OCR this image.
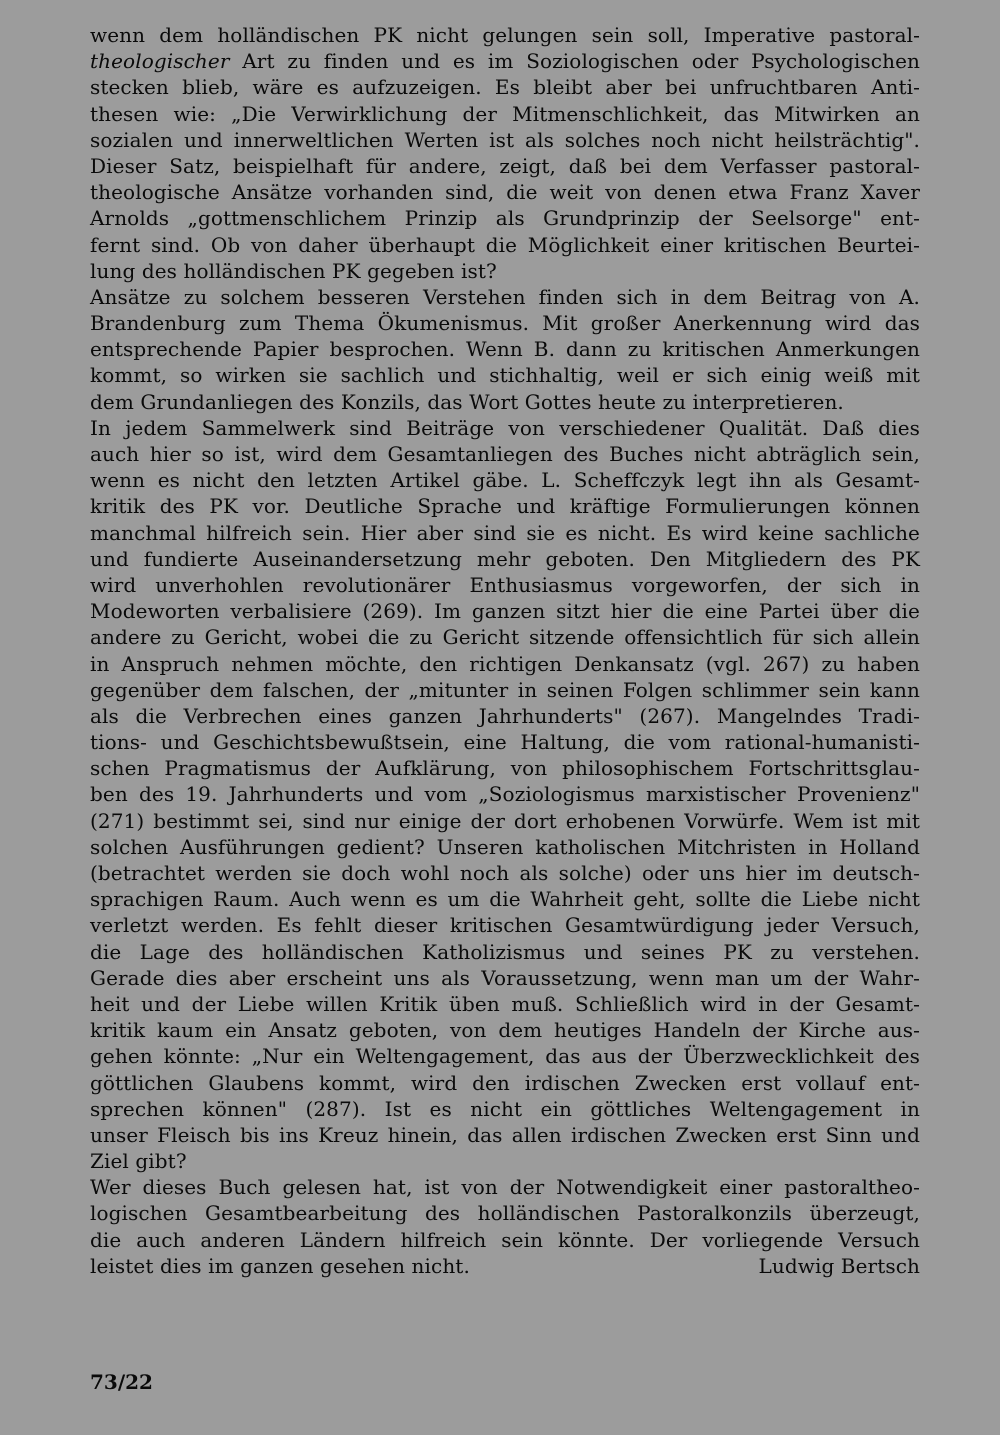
wenn dem holländischen PK nicht gelungen sein soll, Imperative pastoral-
theologischer Art zu finden und es im Soziologischen oder Psychologischen
stecken blieb, wäre es aufzuzeigen. Es bleibt aber bei unfruchtbaren Anti-
thesen wie: „Die Verwirklichung der Mitmenschlichkeit, das Mitwirken an
sozialen und innerweltlichen Werten ist als solches noch nicht heilsträchtig".
Dieser Satz, beispielhaft für andere, zeigt, daß bei dem Verfasser pastoral-
theologische Ansätze vorhanden sind, die weit von denen etwa Franz Xaver
Arnolds „gottmenschlichem Prinzip als Grundprinzip der Seelsorge" ent-
fernt sind. Ob von daher überhaupt die Möglichkeit einer kritischen Beurtei-
lung des holländischen PK gegeben ist?
Ansätze zu solchem besseren Verstehen finden sich in dem Beitrag von A.
Brandenburg zum Thema Ökumenismus. Mit großer Anerkennung wird das
entsprechende Papier besprochen. Wenn B. dann zu kritischen Anmerkungen
kommt, so wirken sie sachlich und stichhaltig, weil er sich einig weiß mit
dem Grundanliegen des Konzils, das Wort Gottes heute zu interpretieren.
In jedem Sammelwerk sind Beiträge von verschiedener Qualität. Daß dies
auch hier so ist, wird dem Gesamtanliegen des Buches nicht abträglich sein,
wenn es nicht den letzten Artikel gäbe. L. Scheffczyk legt ihn als Gesamt-
kritik des PK vor. Deutliche Sprache und kräftige Formulierungen können
manchmal hilfreich sein. Hier aber sind sie es nicht. Es wird keine sachliche
und fundierte Auseinandersetzung mehr geboten. Den Mitgliedern des PK
wird unverhohlen revolutionärer Enthusiasmus vorgeworfen, der sich in
Modeworten verbalisiere (269). Im ganzen sitzt hier die eine Partei über die
andere zu Gericht, wobei die zu Gericht sitzende offensichtlich für sich allein
in Anspruch nehmen möchte, den richtigen Denkansatz (vgl. 267) zu haben
gegenüber dem falschen, der „mitunter in seinen Folgen schlimmer sein kann
als die Verbrechen eines ganzen Jahrhunderts" (267). Mangelndes Tradi-
tions- und Geschichtsbewußtsein, eine Haltung, die vom rational-humanisti-
schen Pragmatismus der Aufklärung, von philosophischem Fortschrittsglau-
ben des 19. Jahrhunderts und vom „Soziologismus marxistischer Provenienz"
(271) bestimmt sei, sind nur einige der dort erhobenen Vorwürfe. Wem ist mit
solchen Ausführungen gedient? Unseren katholischen Mitchristen in Holland
(betrachtet werden sie doch wohl noch als solche) oder uns hier im deutsch-
sprachigen Raum. Auch wenn es um die Wahrheit geht, sollte die Liebe nicht
verletzt werden. Es fehlt dieser kritischen Gesamtwürdigung jeder Versuch,
die Lage des holländischen Katholizismus und seines PK zu verstehen.
Gerade dies aber erscheint uns als Voraussetzung, wenn man um der Wahr-
heit und der Liebe willen Kritik üben muß. Schließlich wird in der Gesamt-
kritik kaum ein Ansatz geboten, von dem heutiges Handeln der Kirche aus-
gehen könnte: „Nur ein Weltengagement, das aus der Überzwecklichkeit des
göttlichen Glaubens kommt, wird den irdischen Zwecken erst vollauf ent-
sprechen können" (287). Ist es nicht ein göttliches Weltengagement in
unser Fleisch bis ins Kreuz hinein, das allen irdischen Zwecken erst Sinn und
Ziel gibt?
Wer dieses Buch gelesen hat, ist von der Notwendigkeit einer pastoraltheo-
logischen Gesamtbearbeitung des holländischen Pastoralkonzils überzeugt,
die auch anderen Ländern hilfreich sein könnte. Der vorliegende Versuch
leistet dies im ganzen gesehen nicht.	Ludwig Bertsch
73/22
